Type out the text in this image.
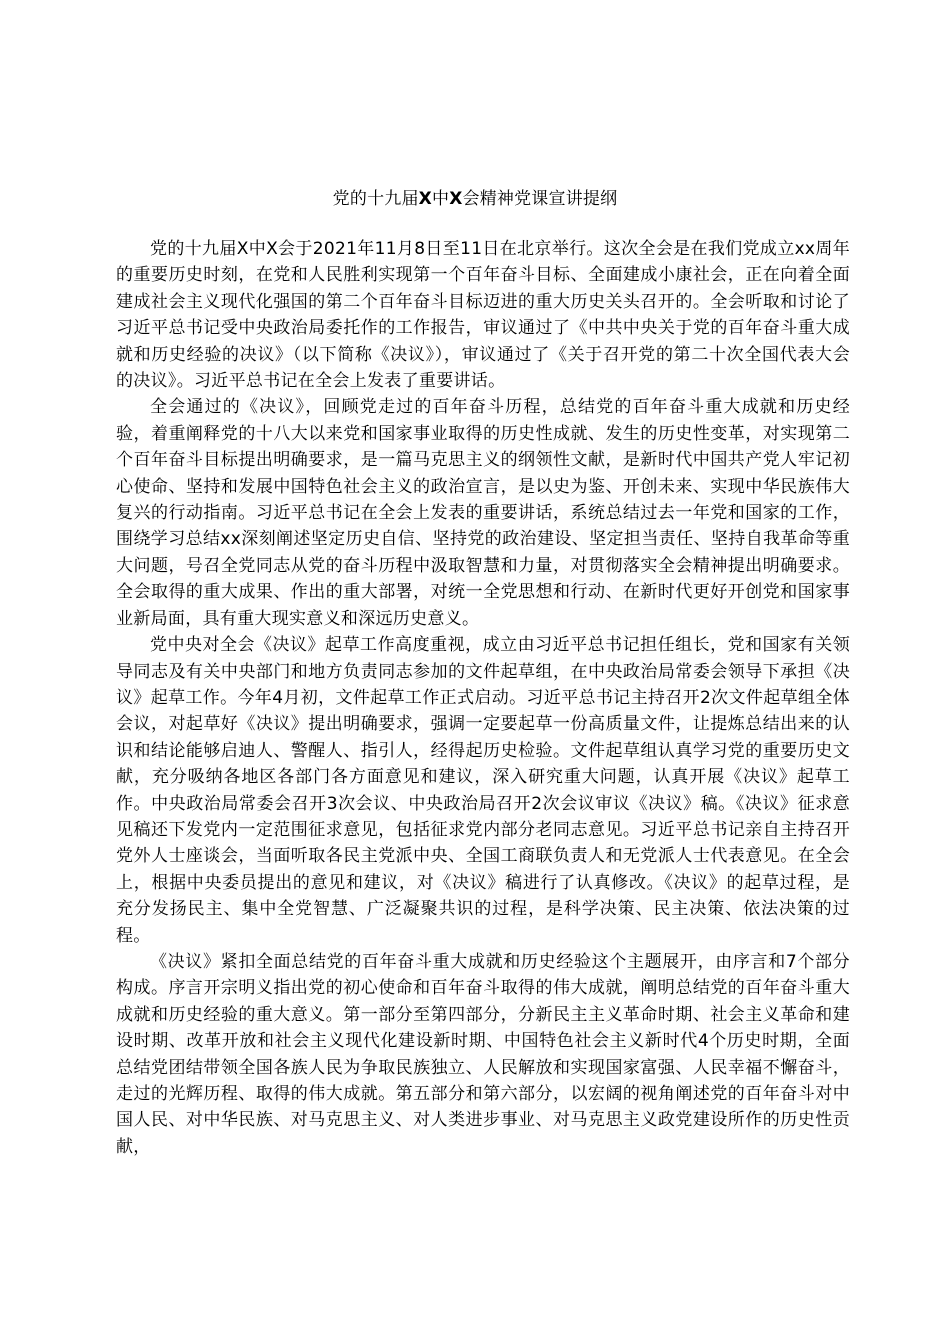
党的十九届X中X会精神党课宣讲提纲

党的十九届X中X会于2021年11月8日至11日在北京举行。这次全会是在我们党成立xx周年的重要历史时刻，在党和人民胜利实现第一个百年奋斗目标、全面建成小康社会，正在向着全面建成社会主义现代化强国的第二个百年奋斗目标迈进的重大历史关头召开的。全会听取和讨论了习近平总书记受中央政治局委托作的工作报告，审议通过了《中共中央关于党的百年奋斗重大成就和历史经验的决议》（以下简称《决议》），审议通过了《关于召开党的第二十次全国代表大会的决议》。习近平总书记在全会上发表了重要讲话。

全会通过的《决议》，回顾党走过的百年奋斗历程，总结党的百年奋斗重大成就和历史经验，着重阐释党的十八大以来党和国家事业取得的历史性成就、发生的历史性变革，对实现第二个百年奋斗目标提出明确要求，是一篇马克思主义的纲领性文献，是新时代中国共产党人牢记初心使命、坚持和发展中国特色社会主义的政治宣言，是以史为鉴、开创未来、实现中华民族伟大复兴的行动指南。习近平总书记在全会上发表的重要讲话，系统总结过去一年党和国家的工作，围绕学习总结xx深刻阐述坚定历史自信、坚持党的政治建设、坚定担当责任、坚持自我革命等重大问题，号召全党同志从党的奋斗历程中汲取智慧和力量，对贯彻落实全会精神提出明确要求。全会取得的重大成果、作出的重大部署，对统一全党思想和行动、在新时代更好开创党和国家事业新局面，具有重大现实意义和深远历史意义。

党中央对全会《决议》起草工作高度重视，成立由习近平总书记担任组长，党和国家有关领导同志及有关中央部门和地方负责同志参加的文件起草组，在中央政治局常委会领导下承担《决议》起草工作。今年4月初，文件起草工作正式启动。习近平总书记主持召开2次文件起草组全体会议，对起草好《决议》提出明确要求，强调一定要起草一份高质量文件，让提炼总结出来的认识和结论能够启迪人、警醒人、指引人，经得起历史检验。文件起草组认真学习党的重要历史文献，充分吸纳各地区各部门各方面意见和建议，深入研究重大问题，认真开展《决议》起草工作。中央政治局常委会召开3次会议、中央政治局召开2次会议审议《决议》稿。《决议》征求意见稿还下发党内一定范围征求意见，包括征求党内部分老同志意见。习近平总书记亲自主持召开党外人士座谈会，当面听取各民主党派中央、全国工商联负责人和无党派人士代表意见。在全会上，根据中央委员提出的意见和建议，对《决议》稿进行了认真修改。《决议》的起草过程，是充分发扬民主、集中全党智慧、广泛凝聚共识的过程，是科学决策、民主决策、依法决策的过程。

《决议》紧扣全面总结党的百年奋斗重大成就和历史经验这个主题展开，由序言和7个部分构成。序言开宗明义指出党的初心使命和百年奋斗取得的伟大成就，阐明总结党的百年奋斗重大成就和历史经验的重大意义。第一部分至第四部分，分新民主主义革命时期、社会主义革命和建设时期、改革开放和社会主义现代化建设新时期、中国特色社会主义新时代4个历史时期，全面总结党团结带领全国各族人民为争取民族独立、人民解放和实现国家富强、人民幸福不懈奋斗，走过的光辉历程、取得的伟大成就。第五部分和第六部分，以宏阔的视角阐述党的百年奋斗对中国人民、对中华民族、对马克思主义、对人类进步事业、对马克思主义政党建设所作的历史性贡献，
